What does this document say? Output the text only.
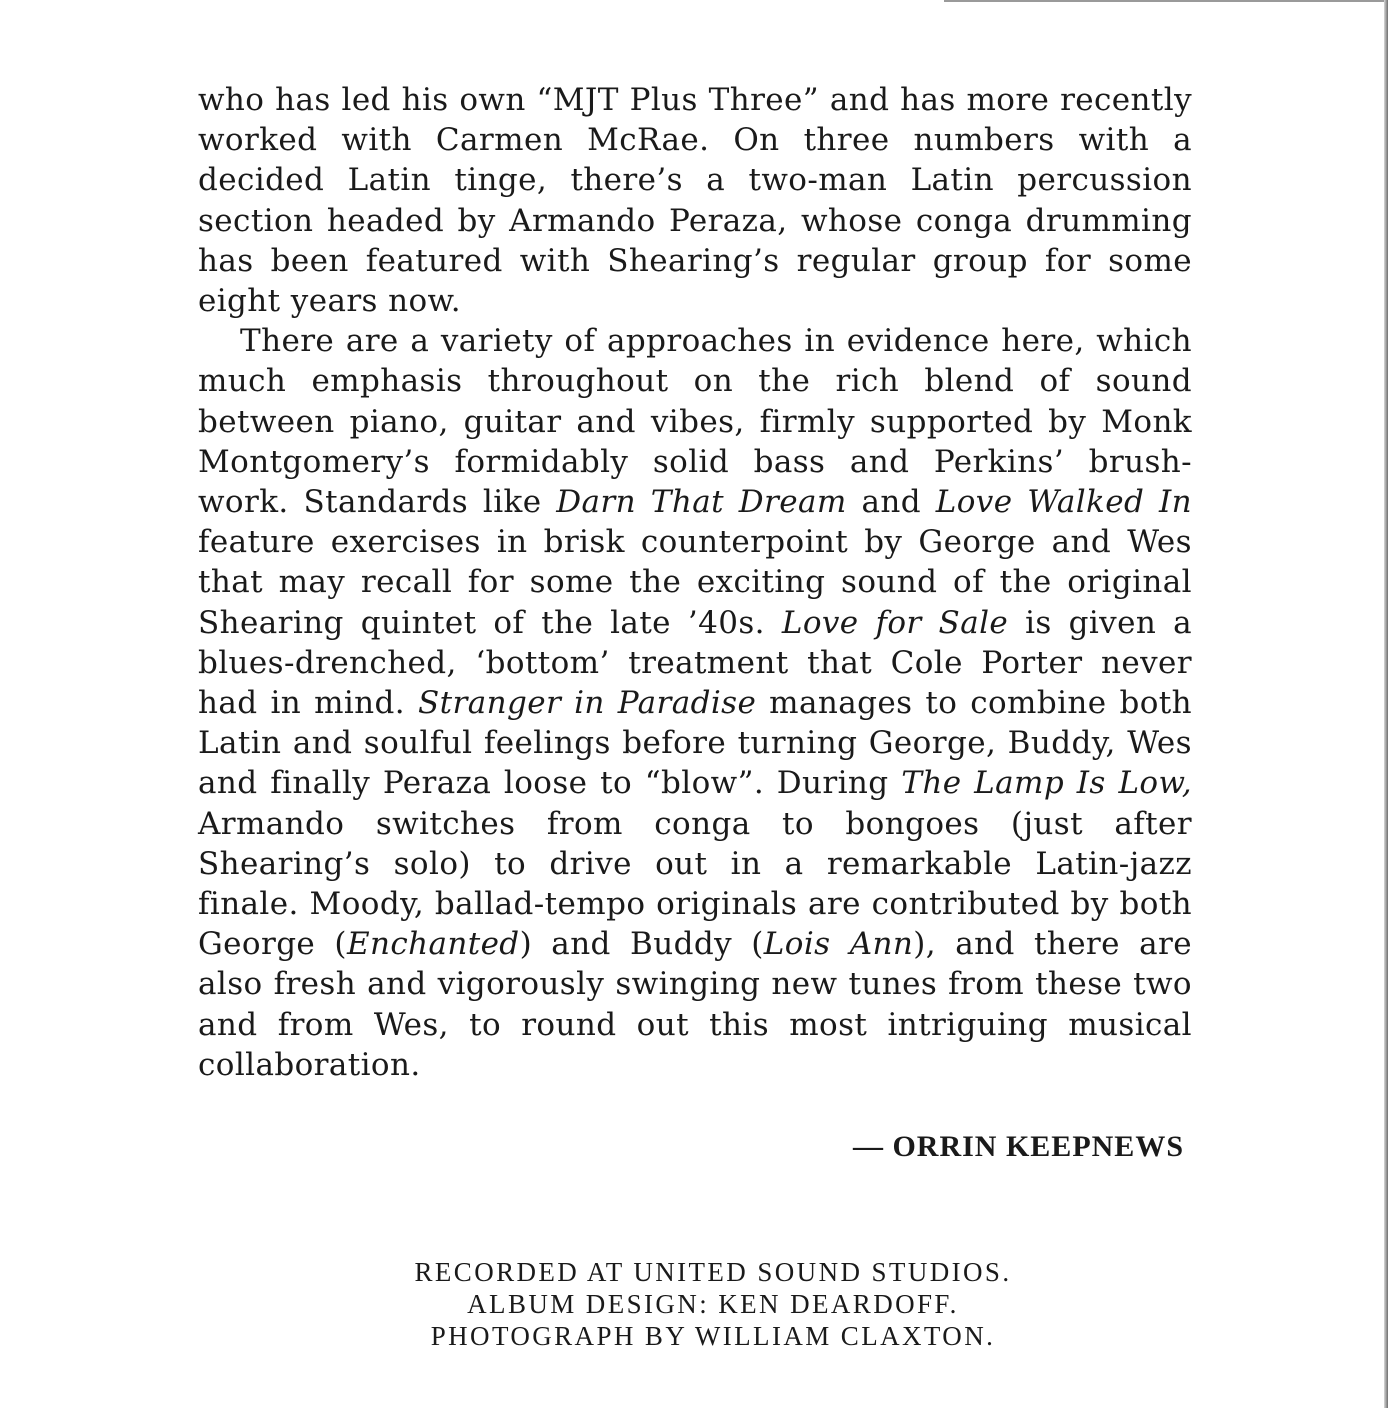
who has led his own “MJT Plus Three” and has more recently worked with Carmen McRae. On three numbers with a decided Latin tinge, there’s a two-man Latin percussion section headed by Armando Peraza, whose conga drumming has been featured with Shearing’s regular group for some eight years now.

There are a variety of approaches in evidence here, which much emphasis throughout on the rich blend of sound between piano, guitar and vibes, firmly supported by Monk Montgomery’s formidably solid bass and Perkins’ brush-work. Standards like Darn That Dream and Love Walked In feature exercises in brisk counterpoint by George and Wes that may recall for some the exciting sound of the original Shearing quintet of the late ’40s. Love for Sale is given a blues-drenched, ‘bottom’ treatment that Cole Porter never had in mind. Stranger in Paradise manages to combine both Latin and soulful feelings before turning George, Buddy, Wes and finally Peraza loose to “blow”. During The Lamp Is Low, Armando switches from conga to bongoes (just after Shearing’s solo) to drive out in a remarkable Latin-jazz finale. Moody, ballad-tempo originals are contributed by both George (Enchanted) and Buddy (Lois Ann), and there are also fresh and vigorously swinging new tunes from these two and from Wes, to round out this most intriguing musical collaboration.

— ORRIN KEEPNEWS
RECORDED AT UNITED SOUND STUDIOS.
ALBUM DESIGN: KEN DEARDOFF.
PHOTOGRAPH BY WILLIAM CLAXTON.
